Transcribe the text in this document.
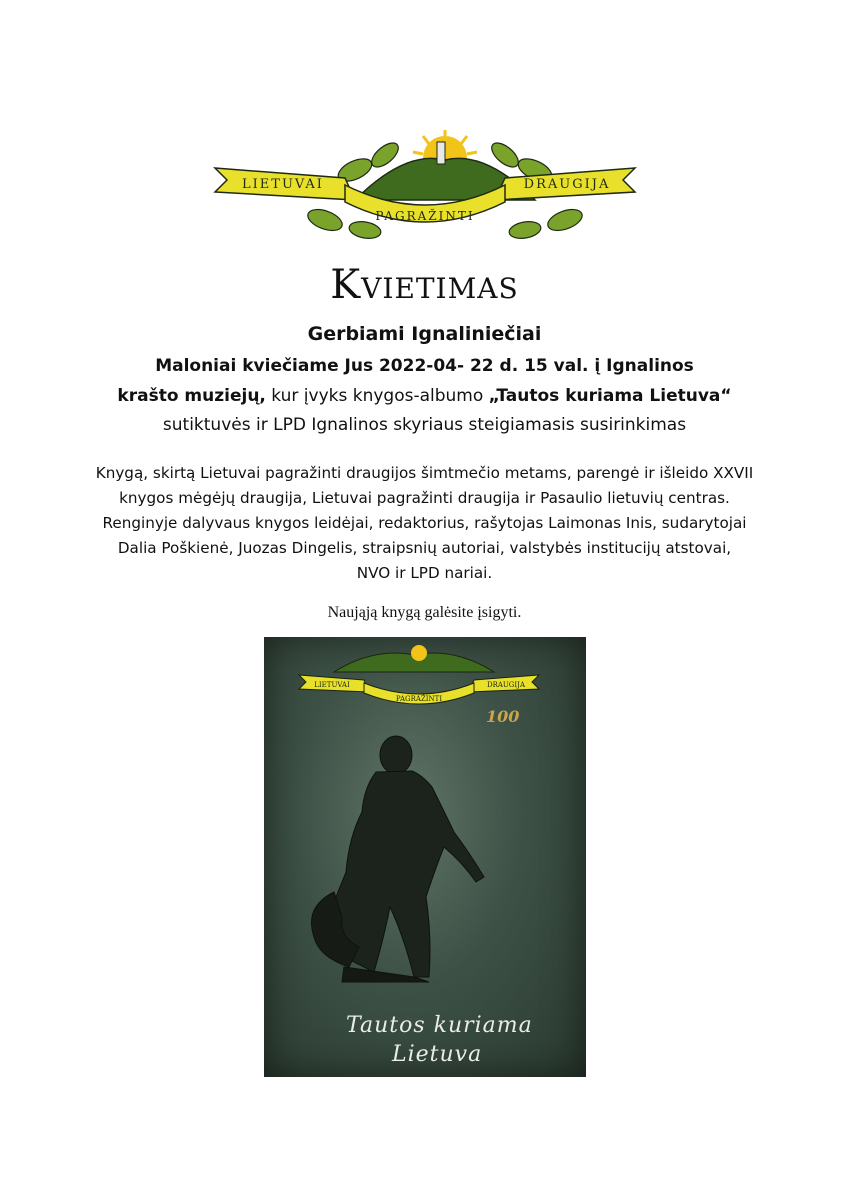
LIETUVAI
PAGRAŽINTI
DRAUGIJA
Kvietimas
Gerbiami Ignaliniečiai
Maloniai kviečiame Jus 2022-04- 22 d. 15 val. į Ignalinos
krašto muziejų, kur įvyks knygos-albumo „Tautos kuriama Lietuva“
sutiktuvės ir LPD Ignalinos skyriaus steigiamasis susirinkimas
Knygą, skirtą Lietuvai pagražinti draugijos šimtmečio metams, parengė ir išleido XXVII
knygos mėgėjų draugija, Lietuvai pagražinti draugija ir Pasaulio lietuvių centras.
Renginyje dalyvaus knygos leidėjai, redaktorius, rašytojas Laimonas Inis, sudarytojai
Dalia Poškienė, Juozas Dingelis, straipsnių autoriai, valstybės institucijų atstovai,
NVO ir LPD nariai.
Naująją knygą galėsite įsigyti.
LIETUVAI
PAGRAŽINTI
DRAUGIJA
100
Tautos kuriama
Lietuva
